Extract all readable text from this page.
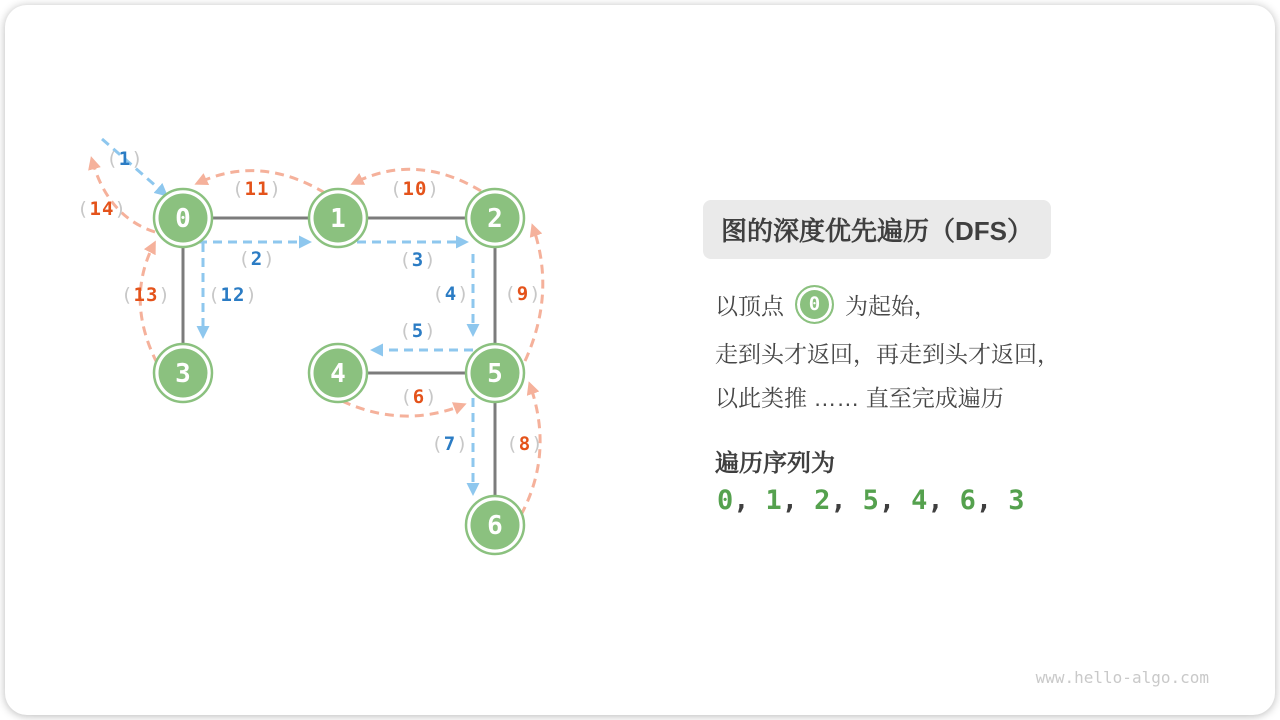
0	1	2
3	4	5
6
(1)
(2)	(3)
(4)
(5)
(6)
(7) (8)
(9)
(10)
(11)
(12)
(13)
(14)
图的深度优先遍历（DFS）
以顶点 0 为起始，
走到头才返回，再走到头才返回，
以此类推 …… 直至完成遍历
遍历序列为
0, 1, 2, 5, 4, 6, 3
www.hello-algo.com
